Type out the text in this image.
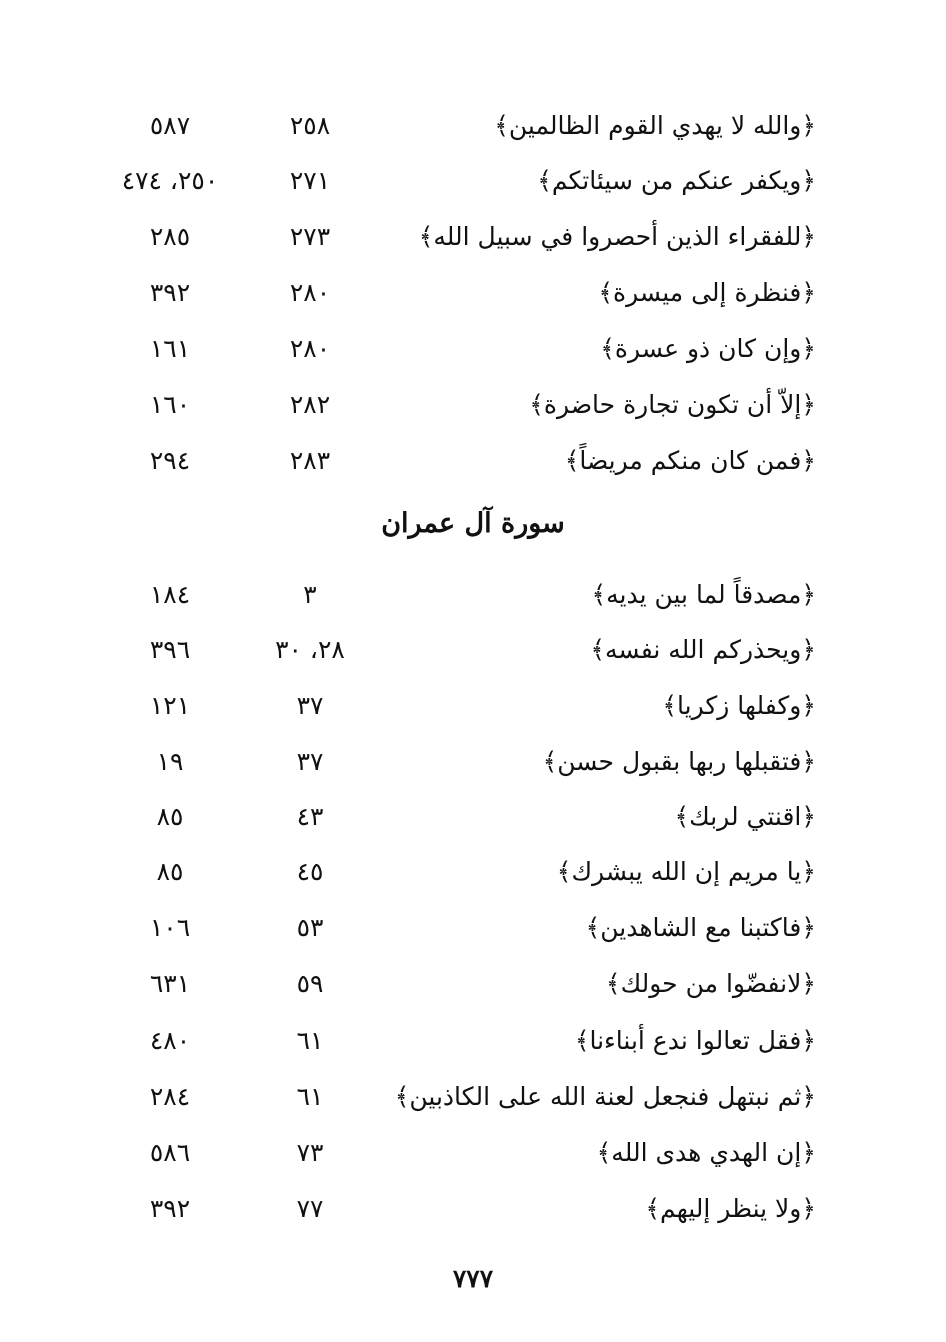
﴿والله لا يهدي القوم الظالمين﴾
٢٥٨
٥٨٧
﴿ويكفر عنكم من سيئاتكم﴾
٢٧١
٢٥٠، ٤٧٤
﴿للفقراء الذين أحصروا في سبيل الله﴾
٢٧٣
٢٨٥
﴿فنظرة إلى ميسرة﴾
٢٨٠
٣٩٢
﴿وإن كان ذو عسرة﴾
٢٨٠
١٦١
﴿إلاّ أن تكون تجارة حاضرة﴾
٢٨٢
١٦٠
﴿فمن كان منكم مريضاً﴾
٢٨٣
٢٩٤
سورة آل عمران
﴿مصدقاً لما بين يديه﴾
٣
١٨٤
﴿ويحذركم الله نفسه﴾
٢٨، ٣٠
٣٩٦
﴿وكفلها زكريا﴾
٣٧
١٢١
﴿فتقبلها ربها بقبول حسن﴾
٣٧
١٩
﴿اقنتي لربك﴾
٤٣
٨٥
﴿يا مريم إن الله يبشرك﴾
٤٥
٨٥
﴿فاكتبنا مع الشاهدين﴾
٥٣
١٠٦
﴿لانفضّوا من حولك﴾
٥٩
٦٣١
﴿فقل تعالوا ندع أبناءنا﴾
٦١
٤٨٠
﴿ثم نبتهل فنجعل لعنة الله على الكاذبين﴾
٦١
٢٨٤
﴿إن الهدي هدى الله﴾
٧٣
٥٨٦
﴿ولا ينظر إليهم﴾
٧٧
٣٩٢
٧٧٧
